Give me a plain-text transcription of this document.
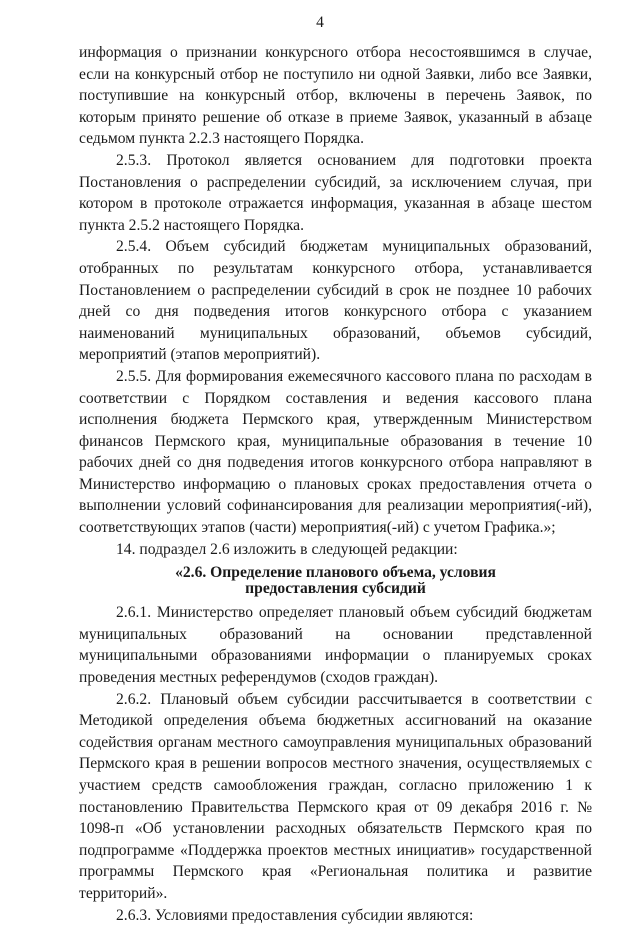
4

информация о признании конкурсного отбора несостоявшимся в случае, если на конкурсный отбор не поступило ни одной Заявки, либо все Заявки, поступившие на конкурсный отбор, включены в перечень Заявок, по которым принято решение об отказе в приеме Заявок, указанный в абзаце седьмом пункта 2.2.3 настоящего Порядка.

2.5.3. Протокол является основанием для подготовки проекта Постановления о распределении субсидий, за исключением случая, при котором в протоколе отражается информация, указанная в абзаце шестом пункта 2.5.2 настоящего Порядка.

2.5.4. Объем субсидий бюджетам муниципальных образований, отобранных по результатам конкурсного отбора, устанавливается Постановлением о распределении субсидий в срок не позднее 10 рабочих дней со дня подведения итогов конкурсного отбора с указанием наименований муниципальных образований, объемов субсидий, мероприятий (этапов мероприятий).

2.5.5. Для формирования ежемесячного кассового плана по расходам в соответствии с Порядком составления и ведения кассового плана исполнения бюджета Пермского края, утвержденным Министерством финансов Пермского края, муниципальные образования в течение 10 рабочих дней со дня подведения итогов конкурсного отбора направляют в Министерство информацию о плановых сроках предоставления отчета о выполнении условий софинансирования для реализации мероприятия(-ий), соответствующих этапов (части) мероприятия(-ий) с учетом Графика.»;

14. подраздел 2.6 изложить в следующей редакции:

«2.6. Определение планового объема, условия
предоставления субсидий

2.6.1. Министерство определяет плановый объем субсидий бюджетам муниципальных образований на основании представленной муниципальными образованиями информации о планируемых сроках проведения местных референдумов (сходов граждан).

2.6.2. Плановый объем субсидии рассчитывается в соответствии с Методикой определения объема бюджетных ассигнований на оказание содействия органам местного самоуправления муниципальных образований Пермского края в решении вопросов местного значения, осуществляемых с участием средств самообложения граждан, согласно приложению 1 к постановлению Правительства Пермского края от 09 декабря 2016 г. № 1098-п «Об установлении расходных обязательств Пермского края по подпрограмме «Поддержка проектов местных инициатив» государственной программы Пермского края «Региональная политика и развитие территорий».

2.6.3. Условиями предоставления субсидии являются:
